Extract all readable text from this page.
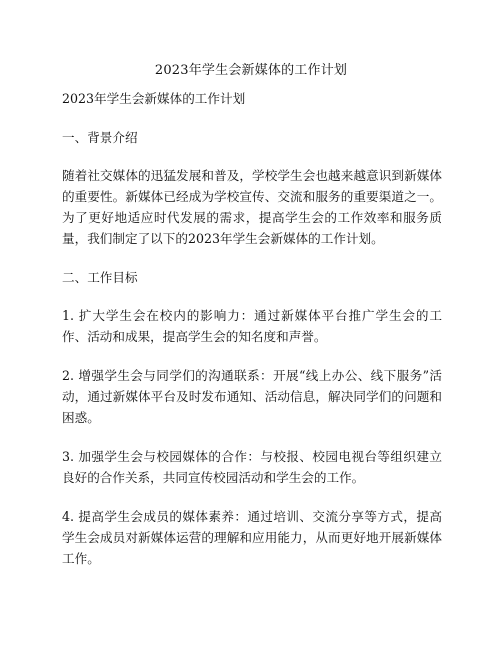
2023年学生会新媒体的工作计划

2023年学生会新媒体的工作计划

一、背景介绍

随着社交媒体的迅猛发展和普及，学校学生会也越来越意识到新媒体的重要性。新媒体已经成为学校宣传、交流和服务的重要渠道之一。为了更好地适应时代发展的需求，提高学生会的工作效率和服务质量，我们制定了以下的2023年学生会新媒体的工作计划。

二、工作目标

1. 扩大学生会在校内的影响力：通过新媒体平台推广学生会的工作、活动和成果，提高学生会的知名度和声誉。

2. 增强学生会与同学们的沟通联系：开展“线上办公、线下服务”活动，通过新媒体平台及时发布通知、活动信息，解决同学们的问题和困惑。

3. 加强学生会与校园媒体的合作：与校报、校园电视台等组织建立良好的合作关系，共同宣传校园活动和学生会的工作。

4. 提高学生会成员的媒体素养：通过培训、交流分享等方式，提高学生会成员对新媒体运营的理解和应用能力，从而更好地开展新媒体工作。
